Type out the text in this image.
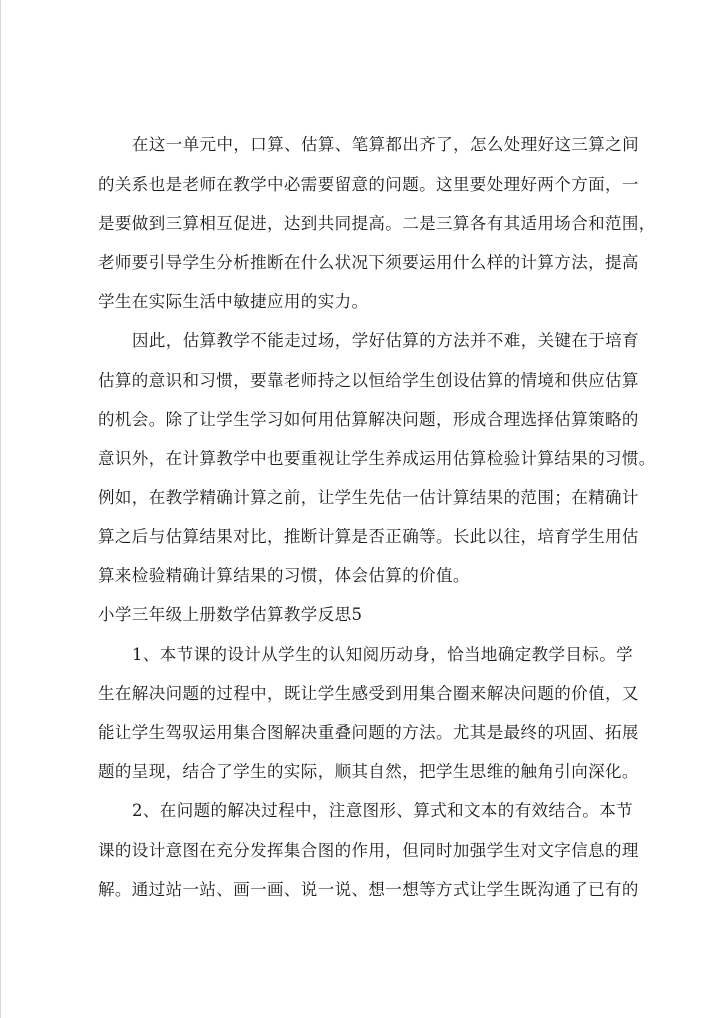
在这一单元中，口算、估算、笔算都出齐了，怎么处理好这三算之间
的关系也是老师在教学中必需要留意的问题。这里要处理好两个方面，一
是要做到三算相互促进，达到共同提高。二是三算各有其适用场合和范围，
老师要引导学生分析推断在什么状况下须要运用什么样的计算方法，提高
学生在实际生活中敏捷应用的实力。
因此，估算教学不能走过场，学好估算的方法并不难，关键在于培育
估算的意识和习惯，要靠老师持之以恒给学生创设估算的情境和供应估算
的机会。除了让学生学习如何用估算解决问题，形成合理选择估算策略的
意识外，在计算教学中也要重视让学生养成运用估算检验计算结果的习惯。
例如，在教学精确计算之前，让学生先估一估计算结果的范围；在精确计
算之后与估算结果对比，推断计算是否正确等。长此以往，培育学生用估
算来检验精确计算结果的习惯，体会估算的价值。
小学三年级上册数学估算教学反思5
1、本节课的设计从学生的认知阅历动身，恰当地确定教学目标。学
生在解决问题的过程中，既让学生感受到用集合圈来解决问题的价值，又
能让学生驾驭运用集合图解决重叠问题的方法。尤其是最终的巩固、拓展
题的呈现，结合了学生的实际，顺其自然，把学生思维的触角引向深化。
2、在问题的解决过程中，注意图形、算式和文本的有效结合。本节
课的设计意图在充分发挥集合图的作用，但同时加强学生对文字信息的理
解。通过站一站、画一画、说一说、想一想等方式让学生既沟通了已有的
